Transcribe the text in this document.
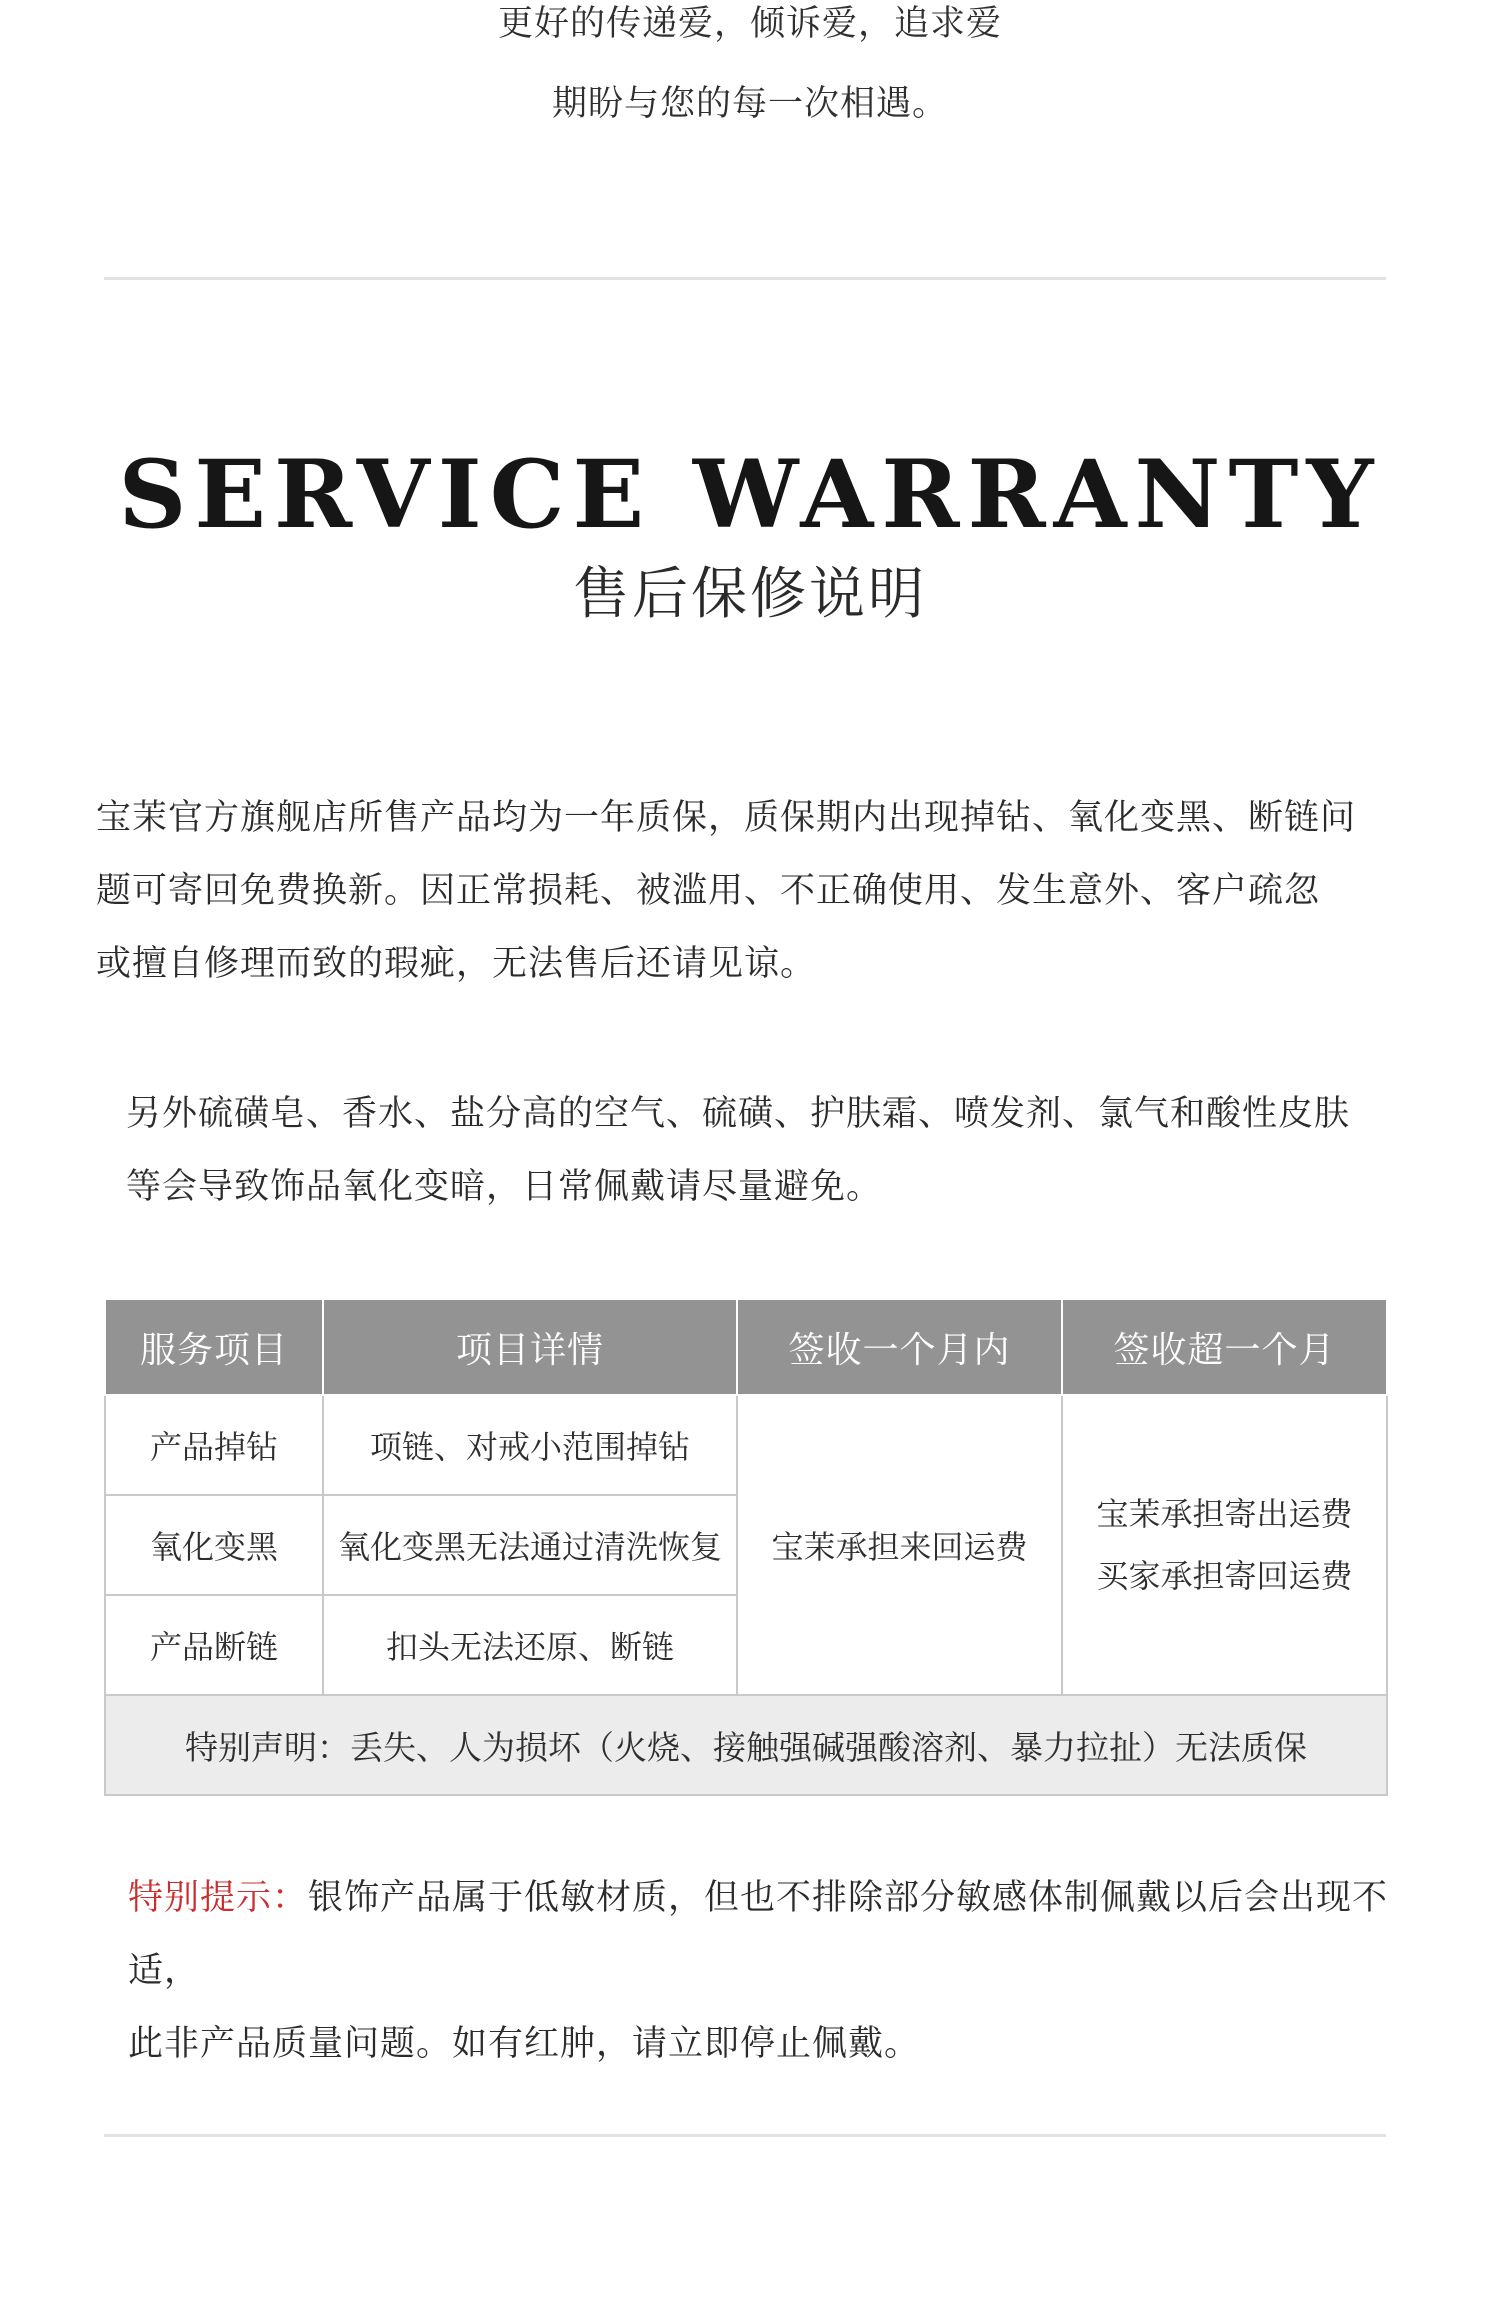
更好的传递爱，倾诉爱，追求爱
期盼与您的每一次相遇。
SERVICE WARRANTY
售后保修说明

宝茉官方旗舰店所售产品均为一年质保，质保期内出现掉钻、氧化变黑、断链问

题可寄回免费换新。因正常损耗、被滥用、不正确使用、发生意外、客户疏忽

或擅自修理而致的瑕疵，无法售后还请见谅。

另外硫磺皂、香水、盐分高的空气、硫磺、护肤霜、喷发剂、氯气和酸性皮肤

等会导致饰品氧化变暗，日常佩戴请尽量避免。

服务项目	项目详情	签收一个月内	签收超一个月
产品掉钻	项链、对戒小范围掉钻	宝茉承担来回运费	宝茉承担寄出运费
买家承担寄回运费

氧化变黑	氧化变黑无法通过清洗恢复		
产品断链	扣头无法还原、断链		
特别声明：丢失、人为损坏（火烧、接触强碱强酸溶剂、暴力拉扯）无法质保			

特别提示：银饰产品属于低敏材质，但也不排除部分敏感体制佩戴以后会出现不适，

此非产品质量问题。如有红肿，请立即停止佩戴。
